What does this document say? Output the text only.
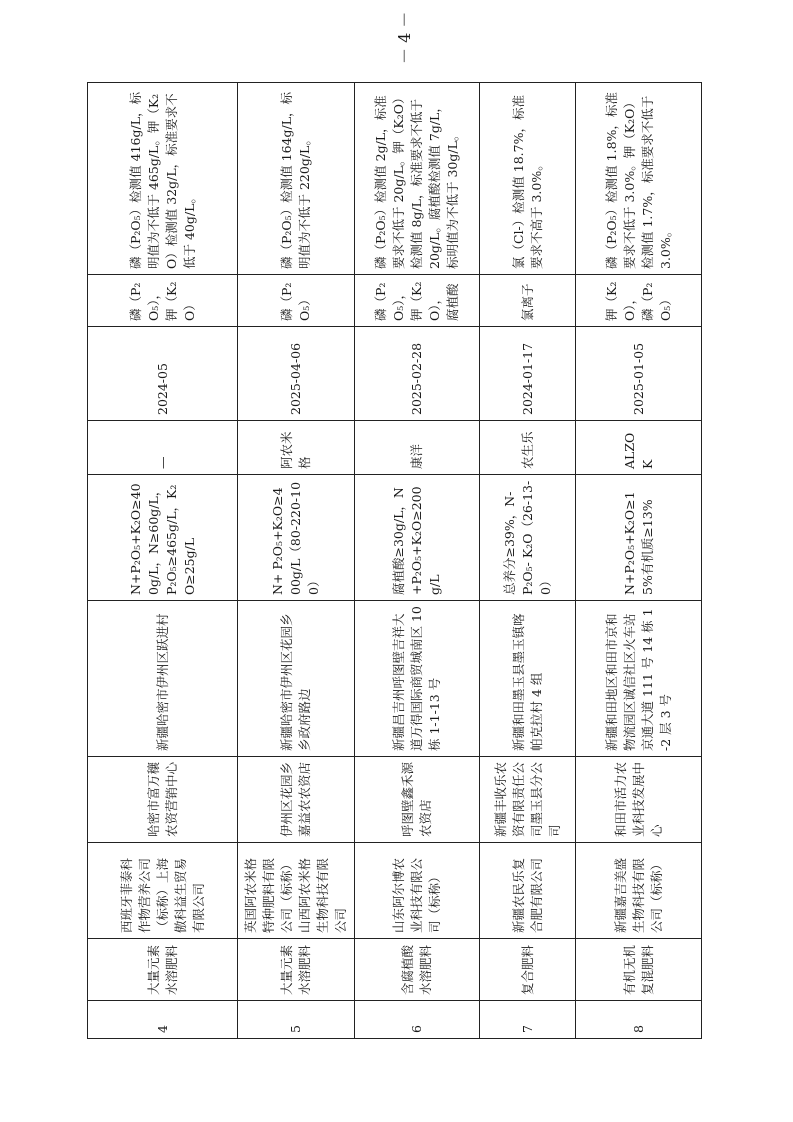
4	大量元素水溶肥料	西班牙菲泰科作物营养公司（标称）上海傲科益生贸易有限公司	哈密市富万穰农资营销中心	新疆哈密市伊州区跃进村	N+P₂O₅+K₂O≥400g/L，N≥60g/L，P₂O₅≥465g/L，K₂O≥25g/L	—	2024-05	磷（P₂O₅），钾（K₂O）	磷（P₂O₅）检测值 416g/L，标明值为不低于 465g/L。钾（K₂O）检测值 32g/L，标准要求不低于 40g/L。
5	大量元素水溶肥料	英国阿农米格特种肥料有限公司（标称）山西阿农米格生物科技有限公司	伊州区花园乡嘉益农农资店	新疆哈密市伊州区花园乡乡政府路边	N+ P₂O₅+K₂O≥400g/L（80-220-100）	阿农米格	2025-04-06	磷（P₂O₅）	磷（P₂O₅）检测值 164g/L，标明值为不低于 220g/L。
6	含腐植酸水溶肥料	山东阿尔博农业科技有限公司（标称）	呼图壁鑫禾源农资店	新疆昌吉州呼图壁吉祥大道万得国际商贸城南区 10 栋 1-1-13 号	腐植酸≥30g/L，N+P₂O₅+K₂O≥200g/L	康洋	2025-02-28	磷（P₂O₅），钾（K₂O），腐植酸	磷（P₂O₅）检测值 2g/L，标准要求不低于 20g/L。钾（K₂O）检测值 8g/L，标准要求不低于 20g/L。腐植酸检测值 7g/L，标明值为不低于 30g/L。
7	复合肥料	新疆农民乐复合肥有限公司	新疆丰收乐农资有限责任公司墨玉县分公司	新疆和田墨玉县墨玉镇喀帕克拉村 4 组	总养分≥39%，N- P₂O₅- K₂O（26-13-0）	农生乐	2024-01-17	氯离子	氯（Cl-）检测值 18.7%，标准要求不高于 3.0%。
8	有机无机复混肥料	新疆嘉吉美盛生物科技有限公司（标称）	和田市活力农业科技发展中心	新疆和田地区和田市京和物流园区诚信社区火车站京通大道 111 号 14 栋 1-2 层 3 号	N+P₂O₅+K₂O≥15%有机质≥13%	ALZOK	2025-01-05	钾（K₂O），磷（P₂O₅）	磷（P₂O₅）检测值 1.8%，标准要求不低于 3.0%。钾（K₂O）检测值 1.7%，标准要求不低于 3.0%。
－ 4 －
